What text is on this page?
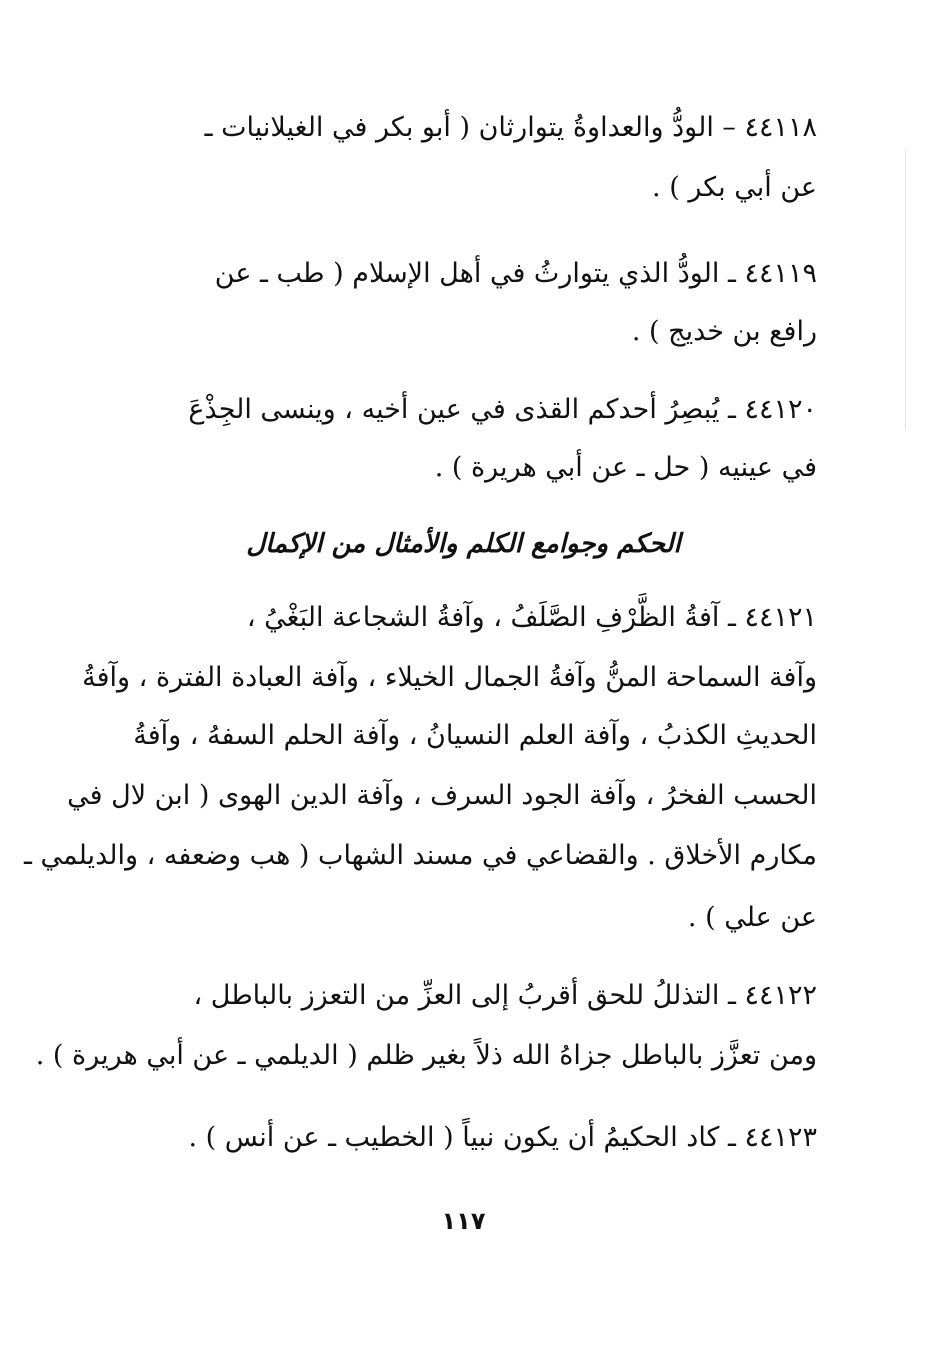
٤٤١١٨ – الودُّ والعداوةُ يتوارثان ( أبو بكر في الغيلانيات ـ
عن أبي بكر ) .
٤٤١١٩ ـ الودُّ الذي يتوارثُ في أهل الإسلام ( طب ـ عن
رافع بن خديج ) .
٤٤١٢٠ ـ يُبصِرُ أحدكم القذى في عين أخيه ، وينسى الجِذْعَ
في عينيه ( حل ـ عن أبي هريرة ) .
الحكم وجوامع الكلم والأمثال من الإكمال
٤٤١٢١ ـ آفةُ الظَّرْفِ الصَّلَفُ ، وآفةُ الشجاعة البَغْيُ ،
وآفة السماحة المنُّ وآفةُ الجمال الخيلاء ، وآفة العبادة الفترة ، وآفةُ
الحديثِ الكذبُ ، وآفة العلم النسيانُ ، وآفة الحلم السفهُ ، وآفةُ
الحسب الفخرُ ، وآفة الجود السرف ، وآفة الدين الهوى ( ابن لال في
مكارم الأخلاق . والقضاعي في مسند الشهاب ( هب وضعفه ، والديلمي ـ
عن علي ) .
٤٤١٢٢ ـ التذللُ للحق أقربُ إلى العزِّ من التعزز بالباطل ،
ومن تعزَّز بالباطل جزاهُ الله ذلاً بغير ظلم ( الديلمي ـ عن أبي هريرة ) .
٤٤١٢٣ ـ كاد الحكيمُ أن يكون نبياً ( الخطيب ـ عن أنس ) .
١١٧
